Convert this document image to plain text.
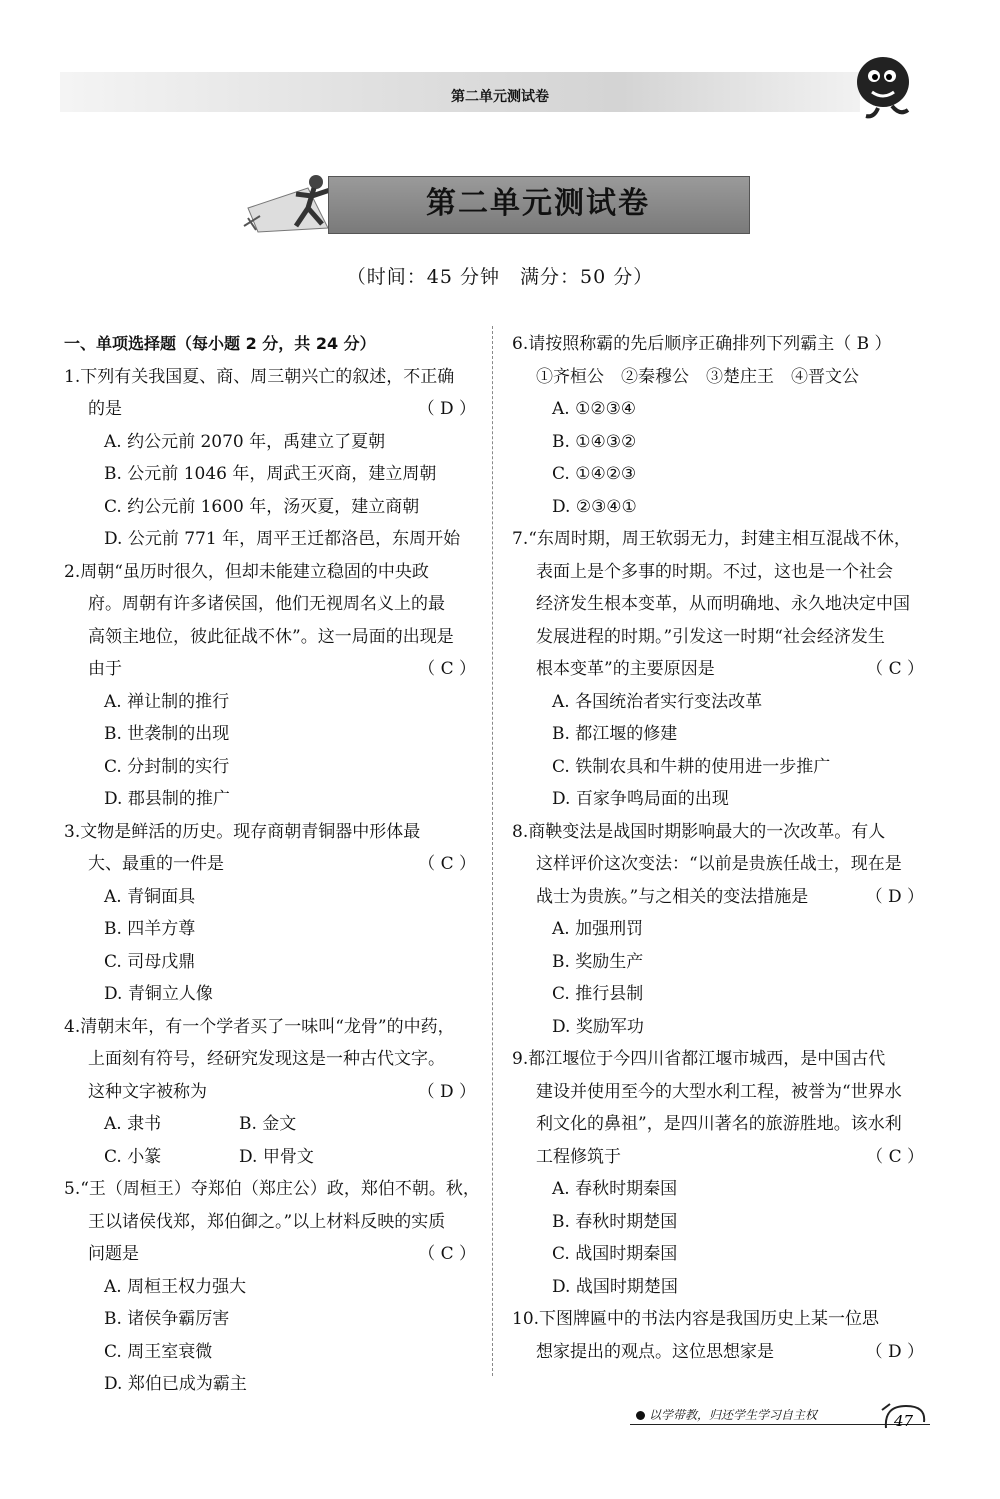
第二单元测试卷
第二单元测试卷
（时间：45 分钟　满分：50 分）
一、单项选择题（每小题 2 分，共 24 分）
1.下列有关我国夏、商、周三朝兴亡的叙述，不正确
的是	（ D ）
A. 约公元前 2070 年，禹建立了夏朝
B. 公元前 1046 年，周武王灭商，建立周朝
C. 约公元前 1600 年，汤灭夏，建立商朝
D. 公元前 771 年，周平王迁都洛邑，东周开始
2.周朝“虽历时很久，但却未能建立稳固的中央政
府。周朝有许多诸侯国，他们无视周名义上的最
高领主地位，彼此征战不休”。这一局面的出现是
由于	（ C ）
A. 禅让制的推行
B. 世袭制的出现
C. 分封制的实行
D. 郡县制的推广
3.文物是鲜活的历史。现存商朝青铜器中形体最
大、最重的一件是	（ C ）
A. 青铜面具
B. 四羊方尊
C. 司母戊鼎
D. 青铜立人像
4.清朝末年，有一个学者买了一味叫“龙骨”的中药，
上面刻有符号，经研究发现这是一种古代文字。
这种文字被称为	（ D ）
A. 隶书	B. 金文
C. 小篆	D. 甲骨文
5.“王（周桓王）夺郑伯（郑庄公）政，郑伯不朝。秋，
王以诸侯伐郑，郑伯御之。”以上材料反映的实质
问题是	（ C ）
A. 周桓王权力强大
B. 诸侯争霸厉害
C. 周王室衰微
D. 郑伯已成为霸主
6.请按照称霸的先后顺序正确排列下列霸主（ B ）
①齐桓公　②秦穆公　③楚庄王　④晋文公
A. ①②③④
B. ①④③②
C. ①④②③
D. ②③④①
7.“东周时期，周王软弱无力，封建主相互混战不休，
表面上是个多事的时期。不过，这也是一个社会
经济发生根本变革，从而明确地、永久地决定中国
发展进程的时期。”引发这一时期“社会经济发生
根本变革”的主要原因是	（ C ）
A. 各国统治者实行变法改革
B. 都江堰的修建
C. 铁制农具和牛耕的使用进一步推广
D. 百家争鸣局面的出现
8.商鞅变法是战国时期影响最大的一次改革。有人
这样评价这次变法：“以前是贵族任战士，现在是
战士为贵族。”与之相关的变法措施是	（ D ）
A. 加强刑罚
B. 奖励生产
C. 推行县制
D. 奖励军功
9.都江堰位于今四川省都江堰市城西，是中国古代
建设并使用至今的大型水利工程，被誉为“世界水
利文化的鼻祖”，是四川著名的旅游胜地。该水利
工程修筑于	（ C ）
A. 春秋时期秦国
B. 春秋时期楚国
C. 战国时期秦国
D. 战国时期楚国
10.下图牌匾中的书法内容是我国历史上某一位思
想家提出的观点。这位思想家是	（ D ）
以学带教，归还学生学习自主权	47
